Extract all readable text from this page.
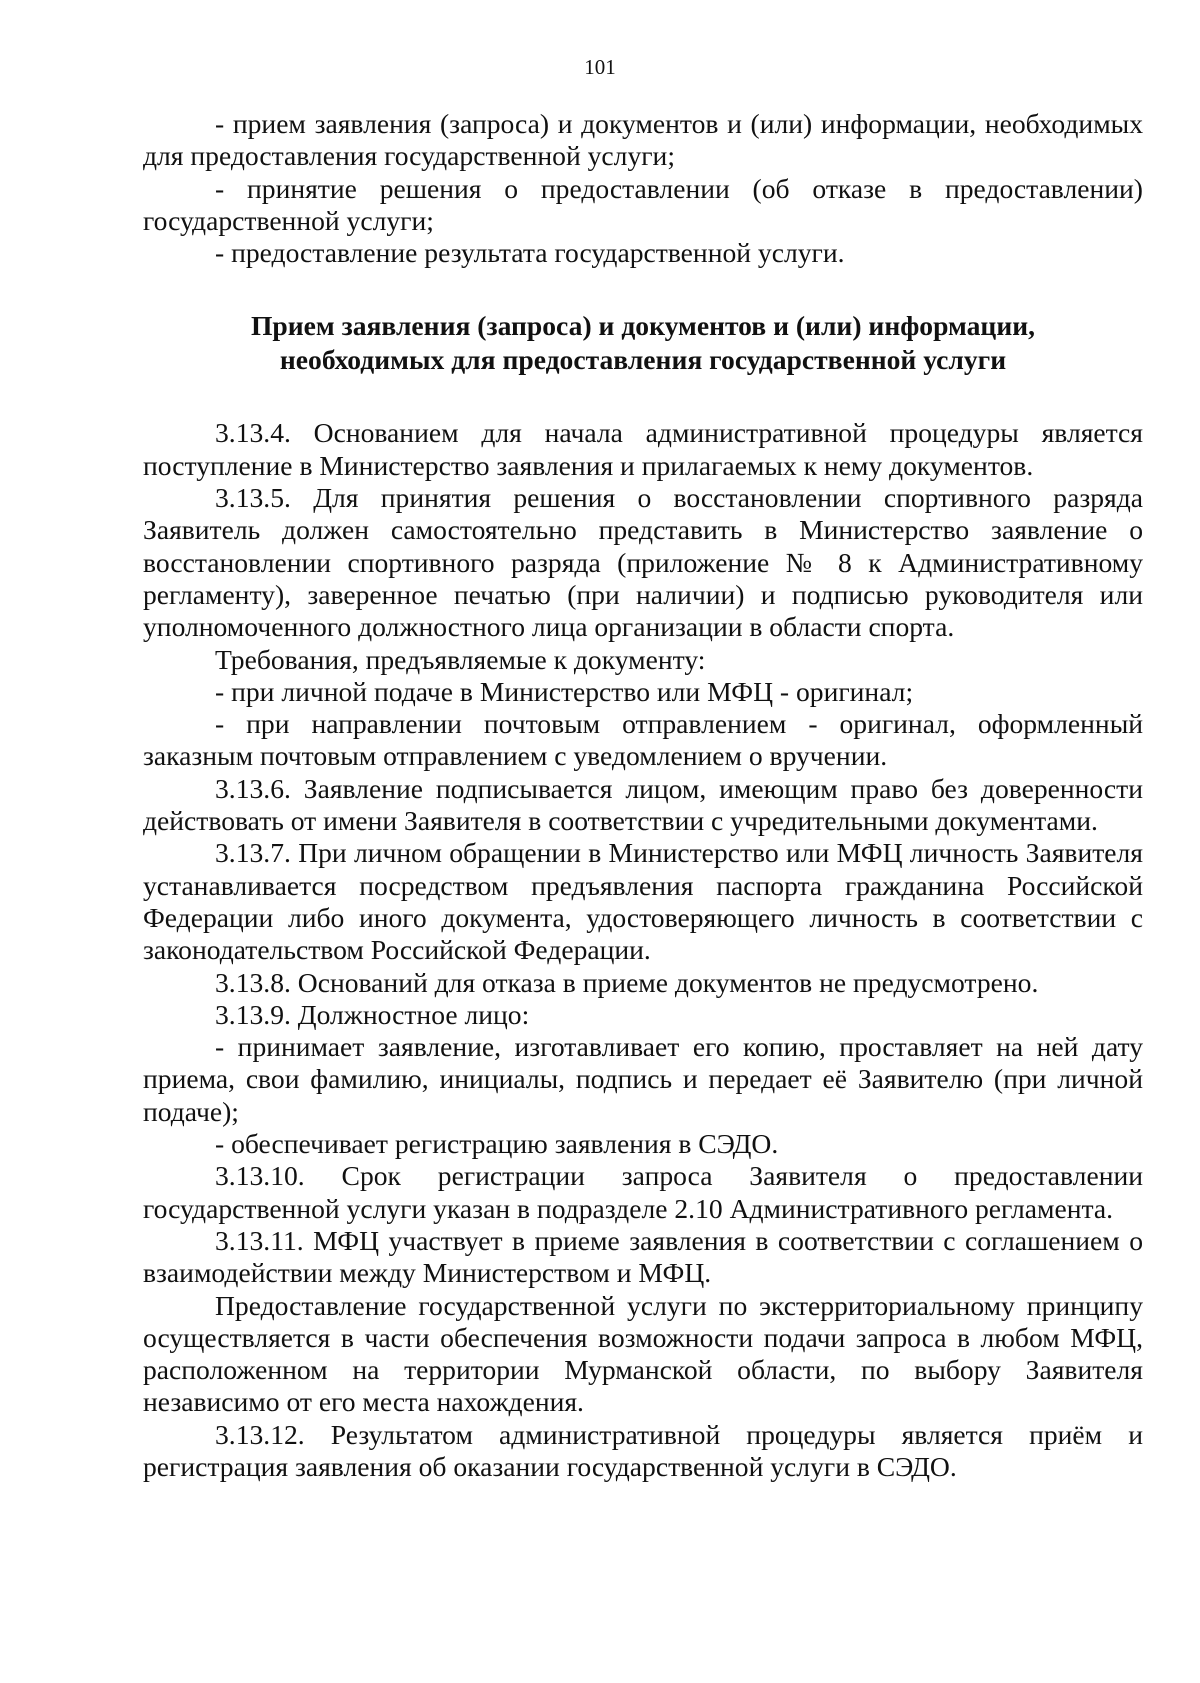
101

- прием заявления (запроса) и документов и (или) информации, необходимых для предоставления государственной услуги;

- принятие решения о предоставлении (об отказе в предоставлении) государственной услуги;

- предоставление результата государственной услуги.

Прием заявления (запроса) и документов и (или) информации,
необходимых для предоставления государственной услуги

3.13.4. Основанием для начала административной процедуры является поступление в Министерство заявления и прилагаемых к нему документов.

3.13.5. Для принятия решения о восстановлении спортивного разряда Заявитель должен самостоятельно представить в Министерство заявление о восстановлении спортивного разряда (приложение № 8 к Административному регламенту), заверенное печатью (при наличии) и подписью руководителя или уполномоченного должностного лица организации в области спорта.

Требования, предъявляемые к документу:

- при личной подаче в Министерство или МФЦ - оригинал;

- при направлении почтовым отправлением - оригинал, оформленный заказным почтовым отправлением с уведомлением о вручении.

3.13.6. Заявление подписывается лицом, имеющим право без доверенности действовать от имени Заявителя в соответствии с учредительными документами.

3.13.7. При личном обращении в Министерство или МФЦ личность Заявителя устанавливается посредством предъявления паспорта гражданина Российской Федерации либо иного документа, удостоверяющего личность в соответствии с законодательством Российской Федерации.

3.13.8. Оснований для отказа в приеме документов не предусмотрено.

3.13.9. Должностное лицо:

- принимает заявление, изготавливает его копию, проставляет на ней дату приема, свои фамилию, инициалы, подпись и передает её Заявителю (при личной подаче);

- обеспечивает регистрацию заявления в СЭДО.

3.13.10. Срок регистрации запроса Заявителя о предоставлении государственной услуги указан в подразделе 2.10 Административного регламента.

3.13.11. МФЦ участвует в приеме заявления в соответствии с соглашением о взаимодействии между Министерством и МФЦ.

Предоставление государственной услуги по экстерриториальному принципу осуществляется в части обеспечения возможности подачи запроса в любом МФЦ, расположенном на территории Мурманской области, по выбору Заявителя независимо от его места нахождения.

3.13.12. Результатом административной процедуры является приём и регистрация заявления об оказании государственной услуги в СЭДО.
